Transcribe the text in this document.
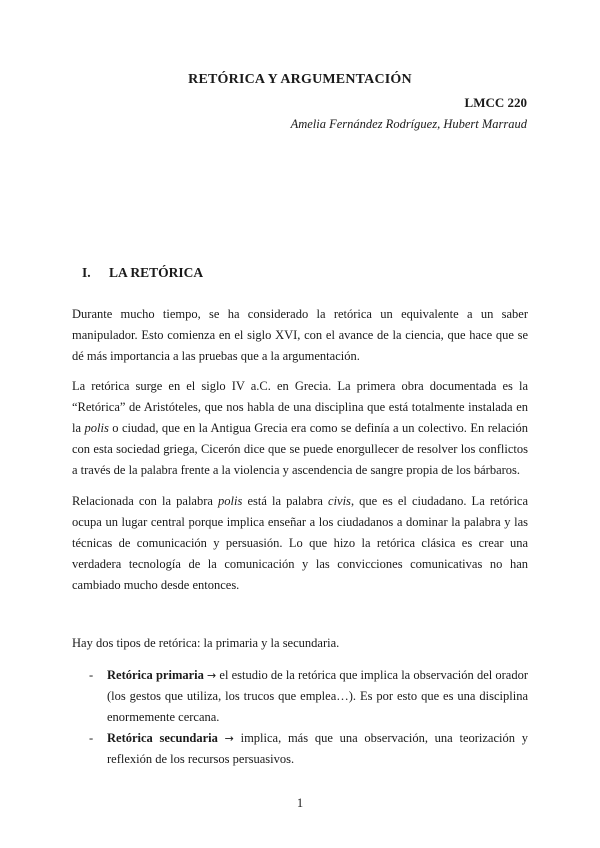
RETÓRICA Y ARGUMENTACIÓN
LMCC 220
Amelia Fernández Rodríguez, Hubert Marraud
I. LA RETÓRICA

Durante mucho tiempo, se ha considerado la retórica un equivalente a un saber manipulador. Esto comienza en el siglo XVI, con el avance de la ciencia, que hace que se dé más importancia a las pruebas que a la argumentación.

La retórica surge en el siglo IV a.C. en Grecia. La primera obra documentada es la “Retórica” de Aristóteles, que nos habla de una disciplina que está totalmente instalada en la polis o ciudad, que en la Antigua Grecia era como se definía a un colectivo. En relación con esta sociedad griega, Cicerón dice que se puede enorgullecer de resolver los conflictos a través de la palabra frente a la violencia y ascendencia de sangre propia de los bárbaros.

Relacionada con la palabra polis está la palabra civis, que es el ciudadano. La retórica ocupa un lugar central porque implica enseñar a los ciudadanos a dominar la palabra y las técnicas de comunicación y persuasión. Lo que hizo la retórica clásica es crear una verdadera tecnología de la comunicación y las convicciones comunicativas no han cambiado mucho desde entonces.

Hay dos tipos de retórica: la primaria y la secundaria.

- Retórica primaria → el estudio de la retórica que implica la observación del orador (los gestos que utiliza, los trucos que emplea…). Es por esto que es una disciplina enormemente cercana.
- Retórica secundaria → implica, más que una observación, una teorización y reflexión de los recursos persuasivos.
1
